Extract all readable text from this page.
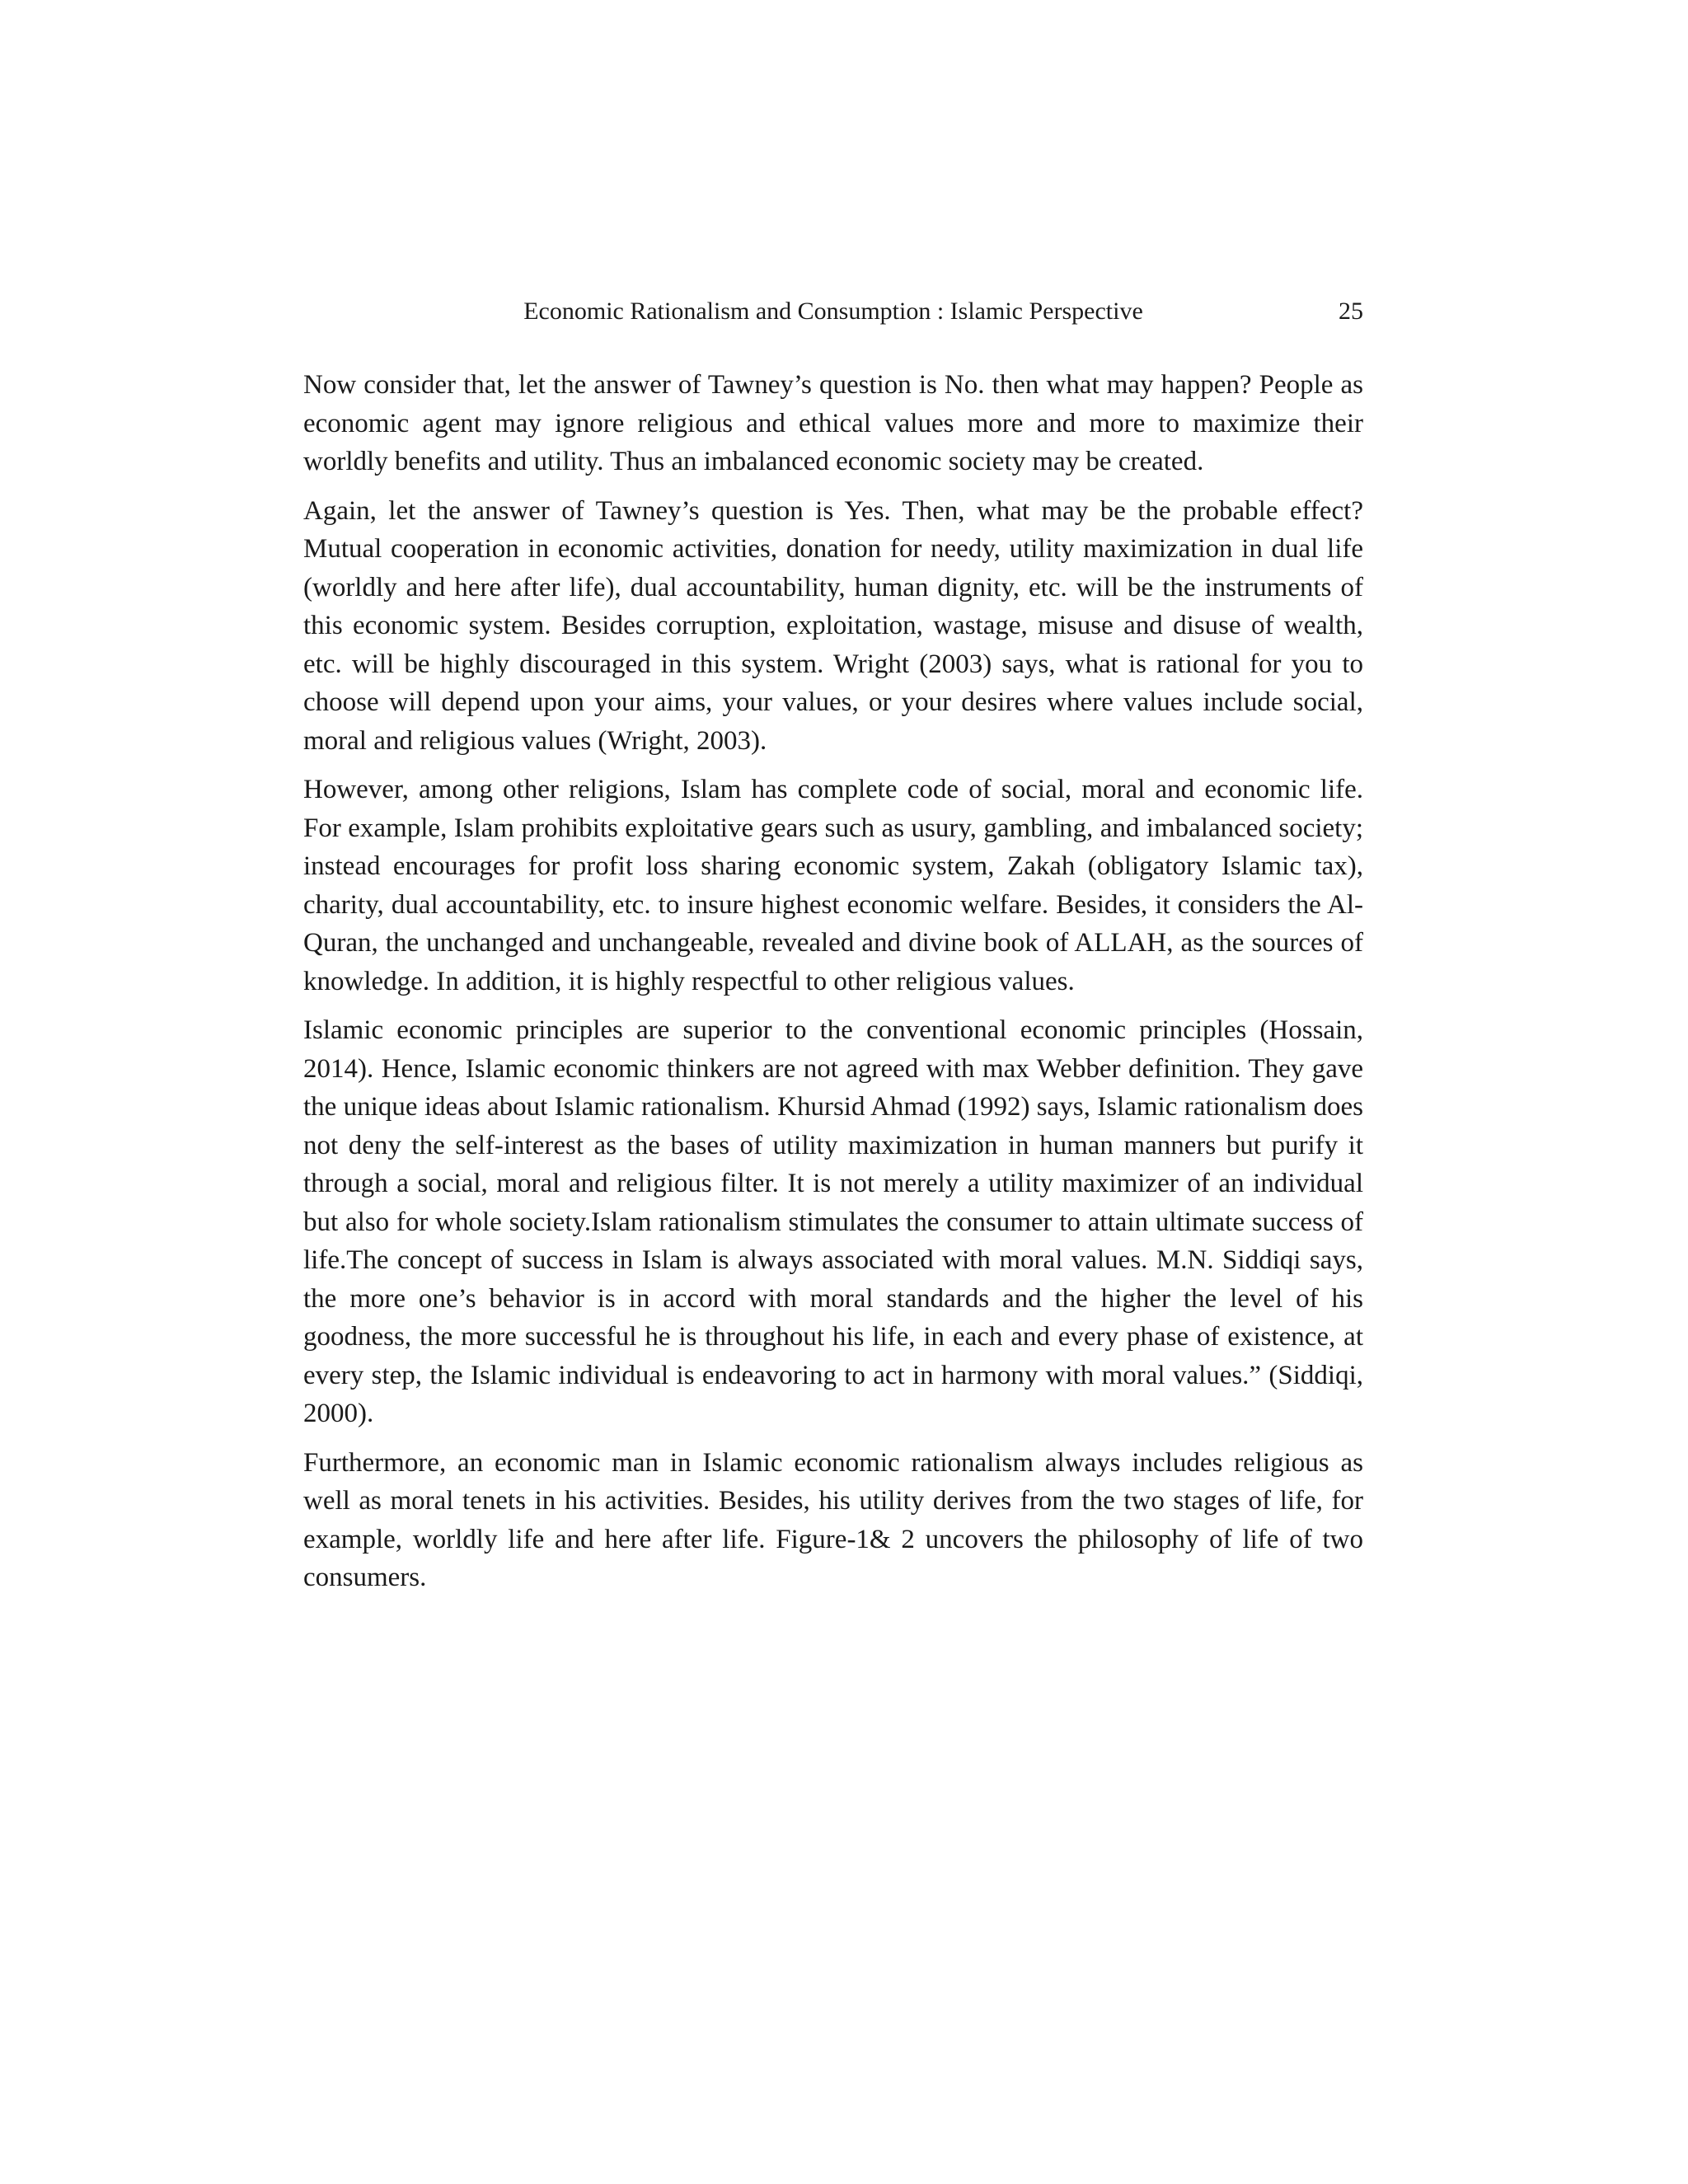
Economic Rationalism and Consumption : Islamic Perspective	25

Now consider that, let the answer of Tawney’s question is No. then what may happen? People as economic agent may ignore religious and ethical values more and more to maximize their worldly benefits and utility. Thus an imbalanced economic society may be created.

Again, let the answer of Tawney’s question is Yes. Then, what may be the probable effect? Mutual cooperation in economic activities, donation for needy, utility maximization in dual life (worldly and here after life), dual accountability, human dignity, etc. will be the instruments of this economic system. Besides corruption, exploitation, wastage, misuse and disuse of wealth, etc. will be highly discouraged in this system. Wright (2003) says, what is rational for you to choose will depend upon your aims, your values, or your desires where values include social, moral and religious values (Wright, 2003).

However, among other religions, Islam has complete code of social, moral and economic life. For example, Islam prohibits exploitative gears such as usury, gambling, and imbalanced society; instead encourages for profit loss sharing economic system, Zakah (obligatory Islamic tax), charity, dual accountability, etc. to insure highest economic welfare. Besides, it considers the Al-Quran, the unchanged and unchangeable, revealed and divine book of ALLAH, as the sources of knowledge. In addition, it is highly respectful to other religious values.

Islamic economic principles are superior to the conventional economic principles (Hossain, 2014). Hence, Islamic economic thinkers are not agreed with max Webber definition. They gave the unique ideas about Islamic rationalism. Khursid Ahmad (1992) says, Islamic rationalism does not deny the self-interest as the bases of utility maximization in human manners but purify it through a social, moral and religious filter. It is not merely a utility maximizer of an individual but also for whole society.Islam rationalism stimulates the consumer to attain ultimate success of life.The concept of success in Islam is always associated with moral values. M.N. Siddiqi says, the more one’s behavior is in accord with moral standards and the higher the level of his goodness, the more successful he is throughout his life, in each and every phase of existence, at every step, the Islamic individual is endeavoring to act in harmony with moral values.” (Siddiqi, 2000).

Furthermore, an economic man in Islamic economic rationalism always includes religious as well as moral tenets in his activities. Besides, his utility derives from the two stages of life, for example, worldly life and here after life. Figure-1& 2 uncovers the philosophy of life of two consumers.
